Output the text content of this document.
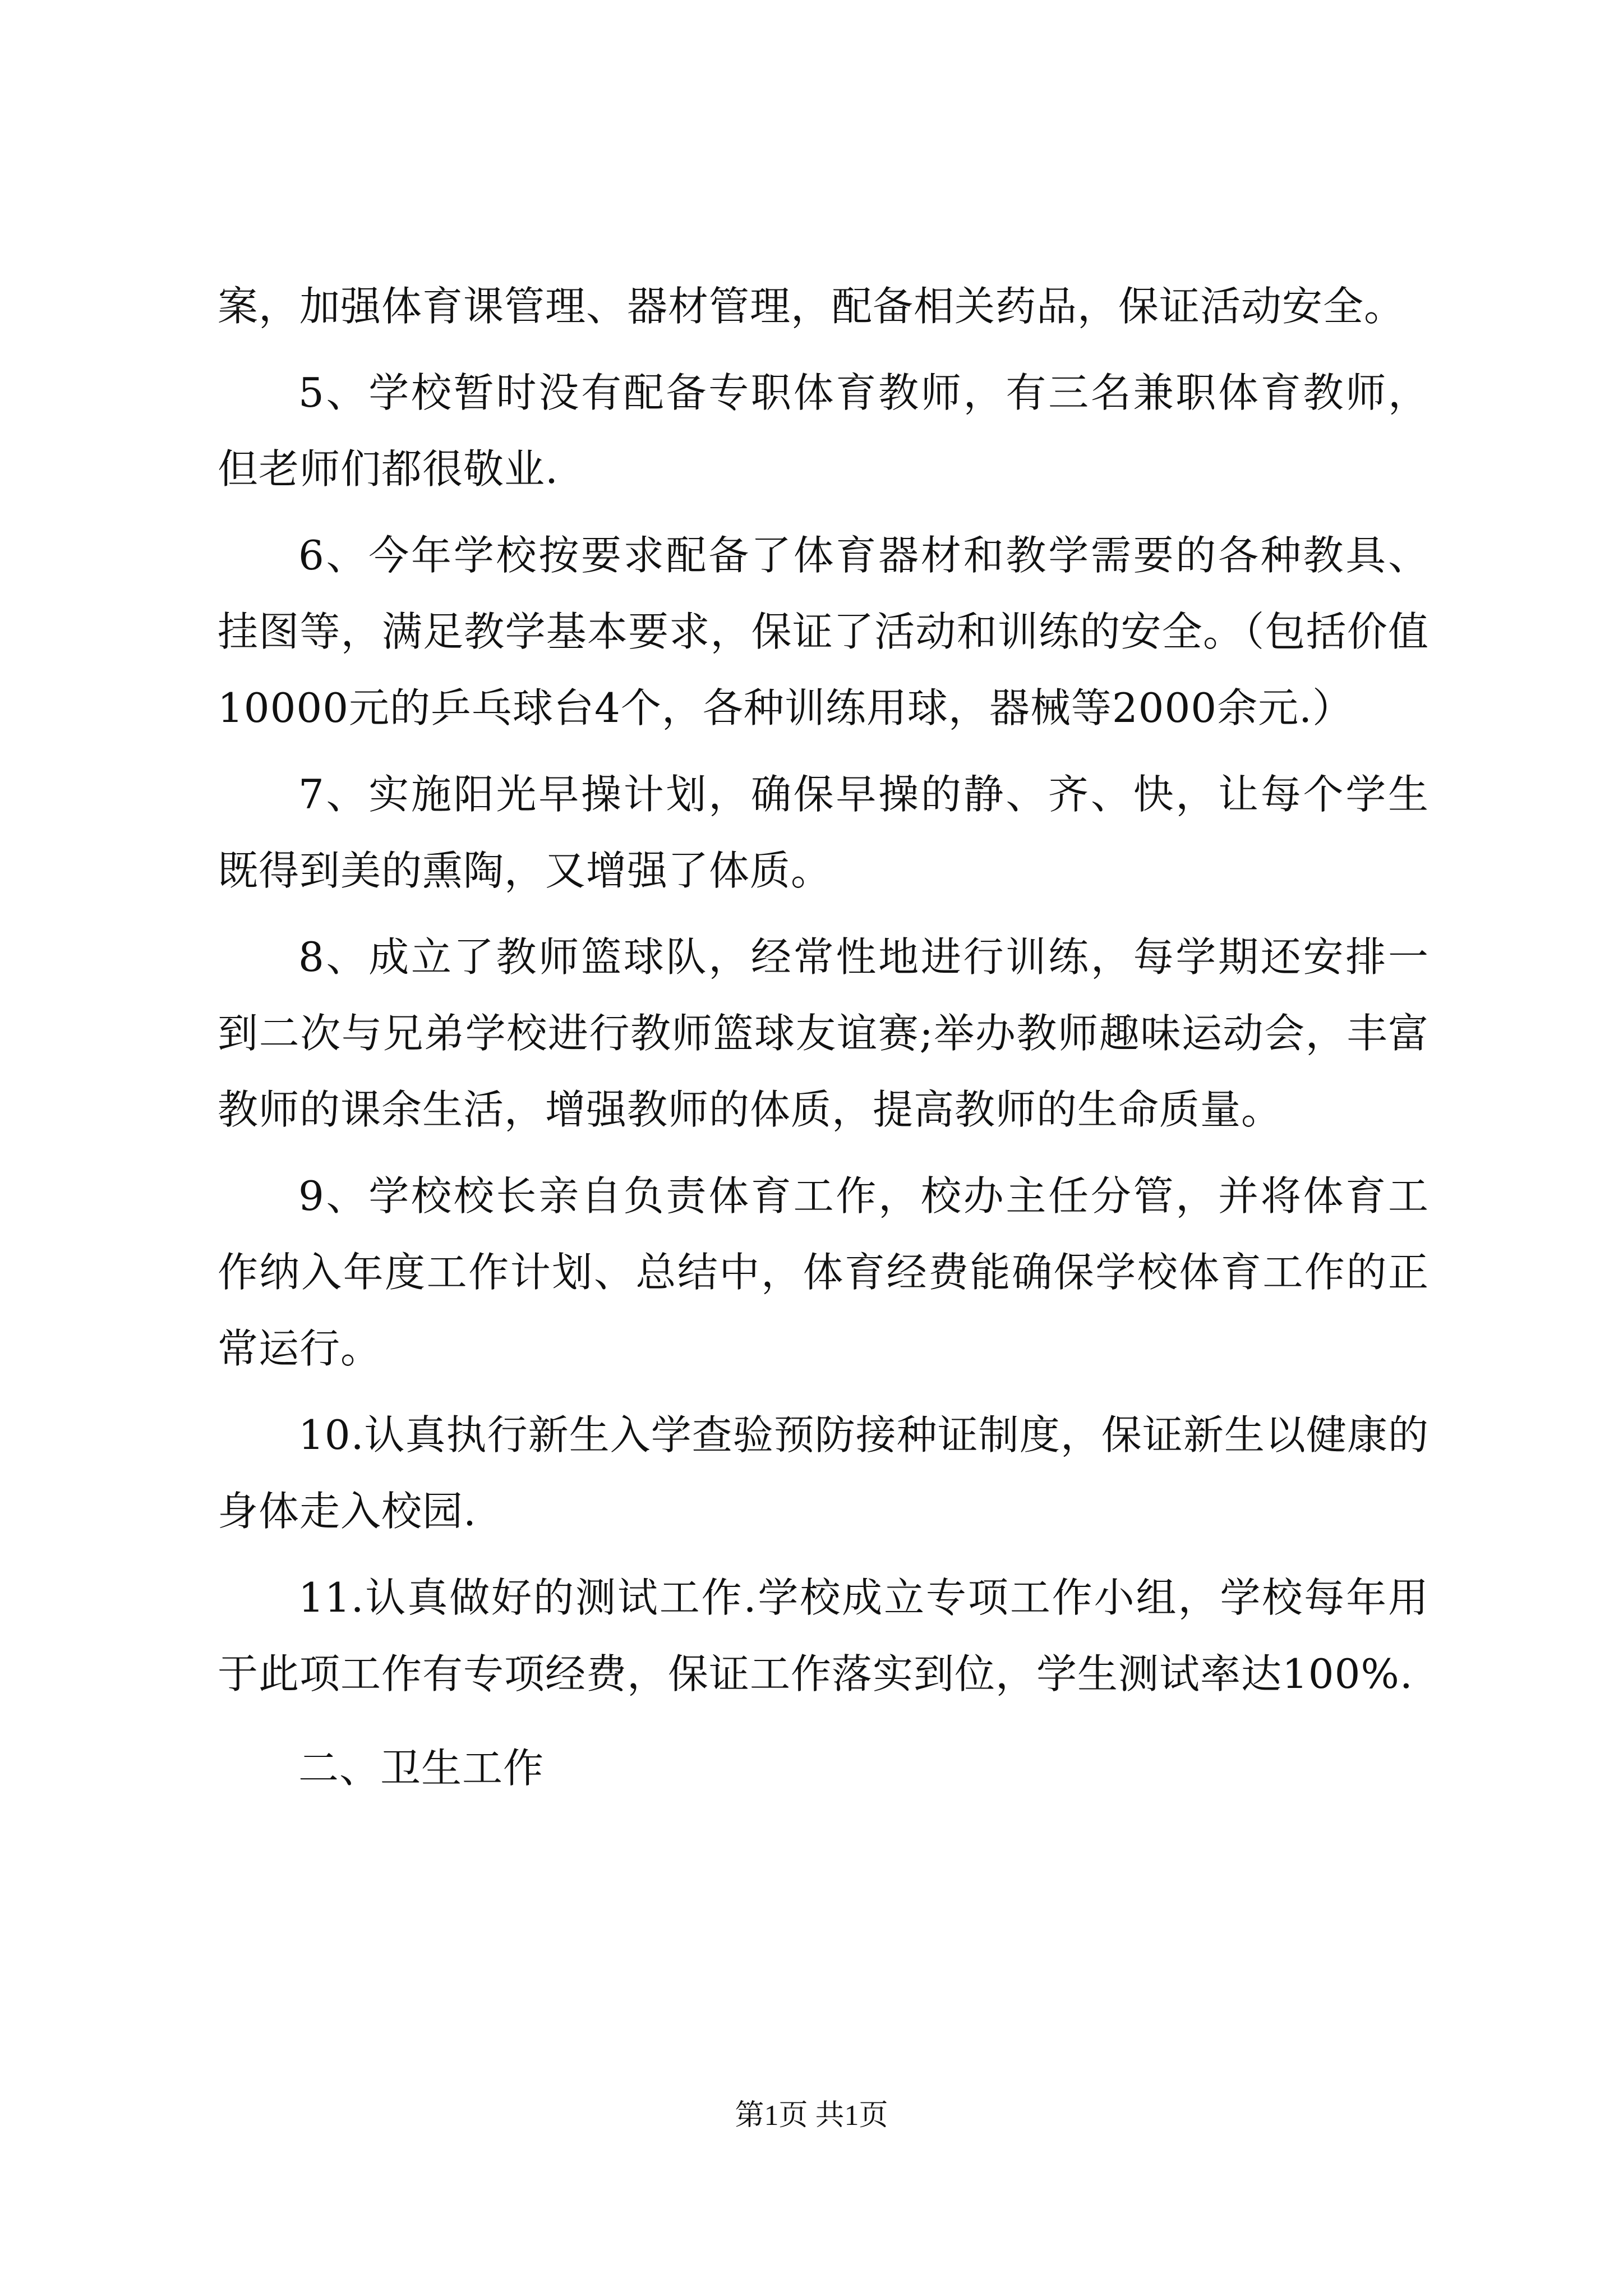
案，加强体育课管理、器材管理，配备相关药品，保证活动安全。

5、学校暂时没有配备专职体育教师，有三名兼职体育教师，但老师们都很敬业.

6、今年学校按要求配备了体育器材和教学需要的各种教具、挂图等，满足教学基本要求，保证了活动和训练的安全。（包括价值10000元的乒乓球台4个，各种训练用球，器械等2000余元.）

7、实施阳光早操计划，确保早操的静、齐、快，让每个学生既得到美的熏陶，又增强了体质。

8、成立了教师篮球队，经常性地进行训练，每学期还安排一到二次与兄弟学校进行教师篮球友谊赛;举办教师趣味运动会，丰富教师的课余生活，增强教师的体质，提高教师的生命质量。

9、学校校长亲自负责体育工作，校办主任分管，并将体育工作纳入年度工作计划、总结中，体育经费能确保学校体育工作的正常运行。

10.认真执行新生入学查验预防接种证制度，保证新生以健康的身体走入校园.

11.认真做好的测试工作.学校成立专项工作小组，学校每年用于此项工作有专项经费，保证工作落实到位，学生测试率达100%.

二、卫生工作

第1页 共1页
